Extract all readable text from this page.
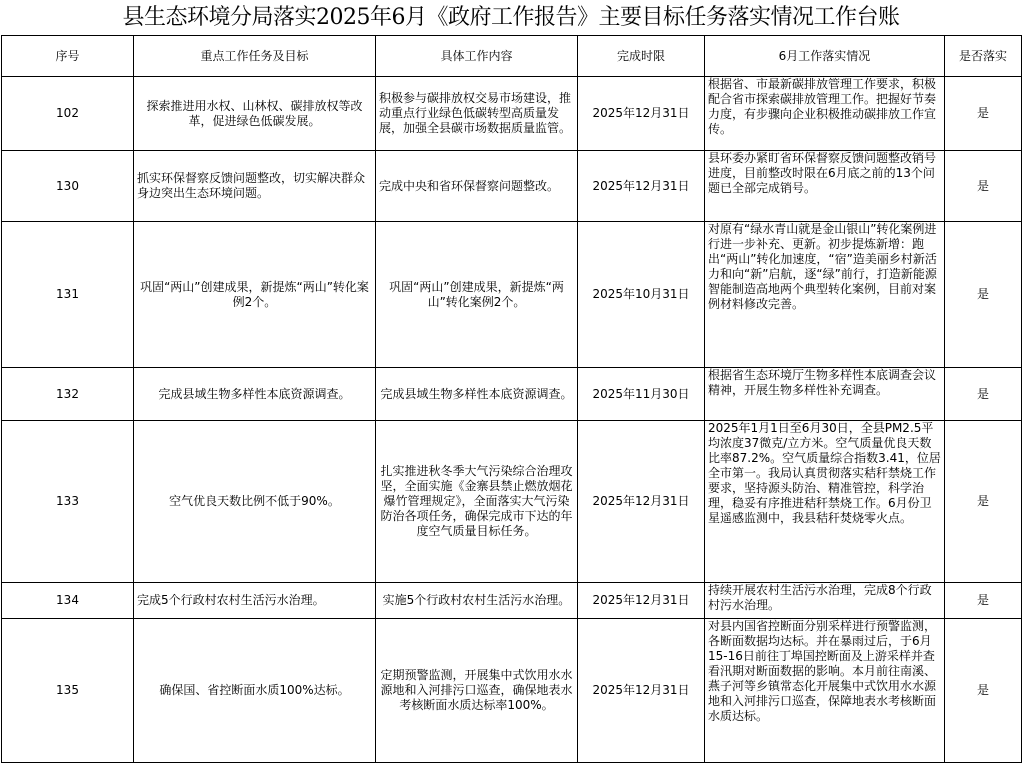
县生态环境分局落实2025年6月《政府工作报告》主要目标任务落实情况工作台账
序号	重点工作任务及目标	具体工作内容	完成时限	6月工作落实情况	是否落实
102	探索推进用水权、山林权、碳排放权等改革，促进绿色低碳发展。	积极参与碳排放权交易市场建设，推动重点行业绿色低碳转型高质量发展，加强全县碳市场数据质量监管。	2025年12月31日	根据省、市最新碳排放管理工作要求，积极配合省市探索碳排放管理工作。把握好节奏力度，有步骤向企业积极推动碳排放工作宣传。	是
130	抓实环保督察反馈问题整改，切实解决群众身边突出生态环境问题。	完成中央和省环保督察问题整改。	2025年12月31日	县环委办紧盯省环保督察反馈问题整改销号进度，目前整改时限在6月底之前的13个问题已全部完成销号。	是
131	巩固“两山”创建成果，新提炼“两山”转化案例2个。	巩固“两山”创建成果，新提炼“两山”转化案例2个。	2025年10月31日	对原有“绿水青山就是金山银山”转化案例进行进一步补充、更新。初步提炼新增：跑出“两山”转化加速度，“宿”造美丽乡村新活力和向“新”启航，逐“绿”前行，打造新能源智能制造高地两个典型转化案例，目前对案例材料修改完善。	是
132	完成县域生物多样性本底资源调查。	完成县域生物多样性本底资源调查。	2025年11月30日	根据省生态环境厅生物多样性本底调查会议精神，开展生物多样性补充调查。	是
133	空气优良天数比例不低于90%。	扎实推进秋冬季大气污染综合治理攻坚，全面实施《金寨县禁止燃放烟花爆竹管理规定》，全面落实大气污染防治各项任务，确保完成市下达的年度空气质量目标任务。	2025年12月31日	2025年1月1日至6月30日，全县PM2.5平均浓度37微克/立方米。空气质量优良天数比率87.2%。空气质量综合指数3.41，位居全市第一。我局认真贯彻落实秸秆禁烧工作要求，坚持源头防治、精准管控，科学治理，稳妥有序推进秸秆禁烧工作。6月份卫星遥感监测中，我县秸秆焚烧零火点。	是
134	完成5个行政村农村生活污水治理。	实施5个行政村农村生活污水治理。	2025年12月31日	持续开展农村生活污水治理，完成8个行政村污水治理。	是
135	确保国、省控断面水质100%达标。	定期预警监测，开展集中式饮用水水源地和入河排污口巡查，确保地表水考核断面水质达标率100%。	2025年12月31日	对县内国省控断面分别采样进行预警监测，各断面数据均达标。并在暴雨过后，于6月15-16日前往丁埠国控断面及上游采样并查看汛期对断面数据的影响。本月前往南溪、燕子河等乡镇常态化开展集中式饮用水水源地和入河排污口巡查，保障地表水考核断面水质达标。	是
